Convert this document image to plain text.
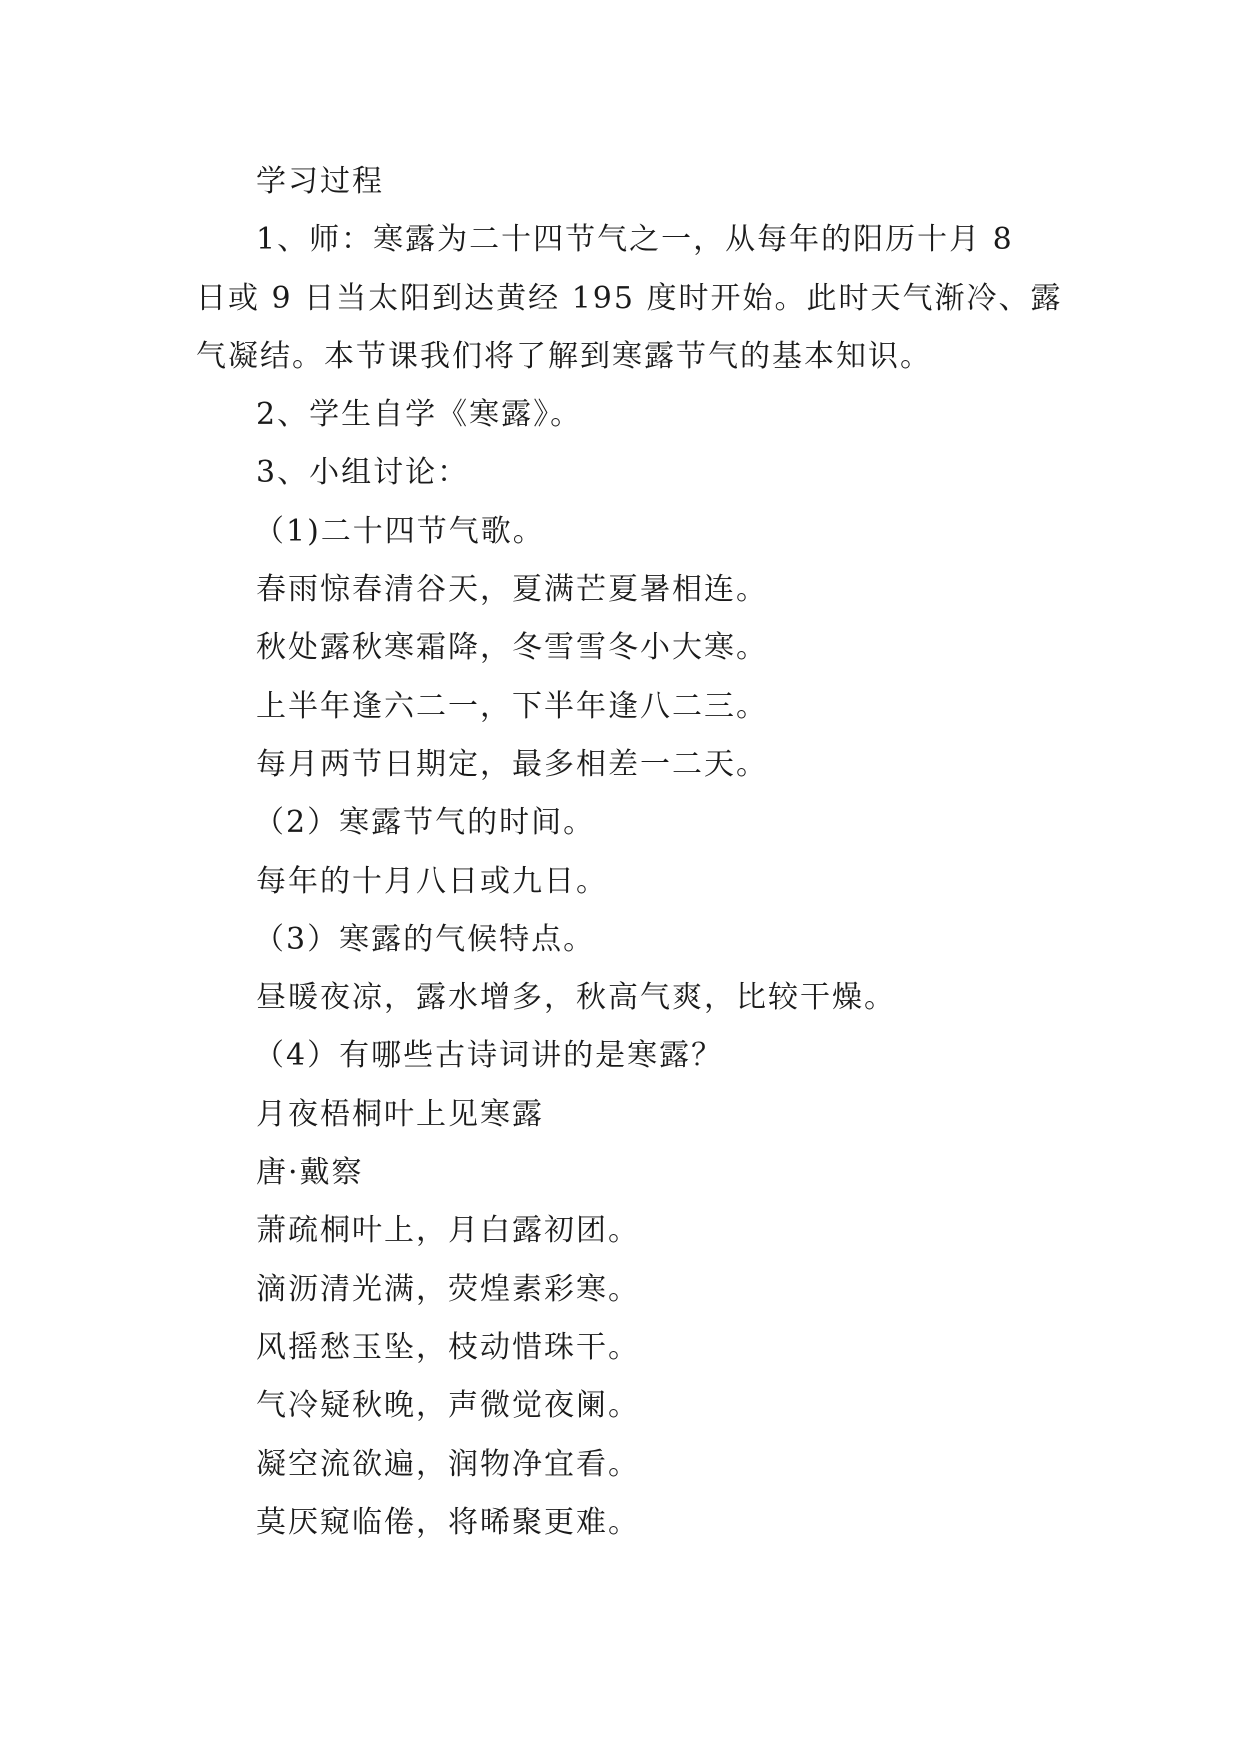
学习过程
1、师：寒露为二十四节气之一，从每年的阳历十月 8
日或 9 日当太阳到达黄经 195 度时开始。此时天气渐冷、露
气凝结。本节课我们将了解到寒露节气的基本知识。
2、学生自学《寒露》。
3、小组讨论：
（1)二十四节气歌。
春雨惊春清谷天，夏满芒夏暑相连。
秋处露秋寒霜降，冬雪雪冬小大寒。
上半年逢六二一，下半年逢八二三。
每月两节日期定，最多相差一二天。
（2）寒露节气的时间。
每年的十月八日或九日。
（3）寒露的气候特点。
昼暖夜凉，露水增多，秋高气爽，比较干燥。
（4）有哪些古诗词讲的是寒露？
月夜梧桐叶上见寒露
唐·戴察
萧疏桐叶上，月白露初团。
滴沥清光满，荧煌素彩寒。
风摇愁玉坠，枝动惜珠干。
气冷疑秋晚，声微觉夜阑。
凝空流欲遍，润物净宜看。
莫厌窥临倦，将晞聚更难。
